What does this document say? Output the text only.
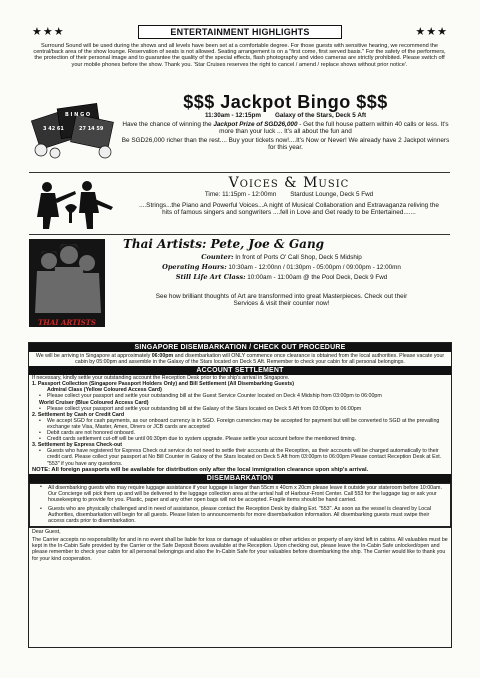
★★★	ENTERTAINMENT HIGHLIGHTS	★★★

Surround Sound will be used during the shows and all levels have been set at a comfortable degree. For those guests with sensitive hearing, we recommend the central/back area of the show lounge. Reservation of seats is not allowed. Seating arrangement is on a "first come, first served basis." For the safety of the performers, the protection of their personal image and to guarantee the quality of the special effects, flash photography and video cameras are strictly prohibited. Please switch off your mobile phones before the show. Thank you. 'Star Cruises reserves the right to cancel / amend / replace shows without prior notice'.

B I N G O
27 14 59
3 42 61
$$$ Jackpot Bingo $$$
11:30am - 12:15pm Galaxy of the Stars, Deck 5 Aft

Have the chance of winning the Jackpot Prize of SGD26,000 - Get the full house pattern within 40 calls or less. It's more than your luck ... It's all about the fun and

Be SGD26,000 richer than the rest.... Buy your tickets now!....It's Now or Never! We already have 2 Jackpot winners for this year.

Voices & Music
Time: 11:15pm - 12:00mn Stardust Lounge, Deck 5 Fwd

....Strings...the Piano and Powerful Voices...A night of Musical Collaboration and Extravaganza reliving the hits of famous singers and songwriters ....fell in Love and Get ready to be Entertained.......

THAI ARTISTS
Thai Artists: Pete, Joe & Gang
Counter: In front of Ports O' Call Shop, Deck 5 Midship
Operating Hours: 10:30am - 12:00nn / 01:30pm - 05:00pm / 09:00pm - 12:00mn
Still Life Art Class: 10:00am - 11:00am @ the Pool Deck, Deck 9 Fwd

See how brilliant thoughts of Art are transformed into great Masterpieces. Check out their Services & visit their counter now!

SINGAPORE DISEMBARKATION / CHECK OUT PROCEDURE

We will be arriving in Singapore at approximately 06:00pm and disembarkation will ONLY commence once clearance is obtained from the local authorities. Please vacate your cabin by 05:00pm and assemble in the Galaxy of the Stars located on Deck 5 Aft. Remember to check your cabin for all personal belongings.

ACCOUNT SETTLEMENT

If necessary, kindly settle your outstanding account the Reception Desk prior to the ship's arrival in Singapore.

1. Passport Collection (Singapore Passport Holders Only) and Bill Settlement (All Disembarking Guests)

Admiral Class (Yellow Coloured Access Card)

• Please collect your passport and settle your outstanding bill at the Guest Service Counter located on Deck 4 Midship from 03:00pm to 06:00pm

World Cruiser (Blue Coloured Access Card)

• Please collect your passport and settle your outstanding bill at the Galaxy of the Stars located on Deck 5 Aft from 03:00pm to 06:00pm

2. Settlement by Cash or Credit Card

• We accept SGD for cash payments, as our onboard currency is in SGD. Foreign currencies may be accepted for payment but will be converted to SGD at the prevailing exchange rate Visa, Master, Amex, Diners or JCB cards are accepted

• Debit cards are not honored onboard.

• Credit cards settlement cut-off will be until 06:30pm due to system upgrade. Please settle your account before the mentioned timing.

3. Settlement by Express Check-out

• Guests who have registered for Express Check out service do not need to settle their accounts at the Reception, as their accounts will be charged automatically to their credit card. Please collect your passport at No Bill Counter in Galaxy of the Stars located on Deck 5 Aft from 03:00pm to 06:00pm Please contact Reception Desk at Ext. "553" if you have any questions.

NOTE: All foreign passports will be available for distribution only after the local immigration clearance upon ship's arrival.

DISEMBARKATION

• All disembarking guests who may require luggage assistance if your luggage is larger than 55cm x 40cm x 20cm please leave it outside your stateroom before 10:00am. Our Concierge will pick them up and will be delivered to the luggage collection area at the arrival hall of Harbour-Front Center. Call 553 for the luggage tag or ask your housekeeping to provide for you. Plastic, paper and any other open bags will not be accepted. Fragile items should be hand carried.

• Guests who are physically challenged and in need of assistance, please contact the Reception Desk by dialing Ext. "553". As soon as the vessel is cleared by Local Authorities, disembarkation will begin for all guests. Please listen to announcements for more disembarkation information. All disembarking guests must swipe their access cards prior to disembarkation.

Dear Guest,

The Carrier accepts no responsibility for and in no event shall be liable for loss or damage of valuables or other articles or property of any kind left in cabins. All valuables must be kept in the In-Cabin Safe provided by the Carrier or the Safe Deposit Boxes available at the Reception. Upon checking out, please leave the In-Cabin Safe unlocked/open and please remember to check your cabin for all personal belongings and also the In-Cabin Safe for your valuables before disembarking the ship. The Carrier would like to thank you for your kind cooperation.
